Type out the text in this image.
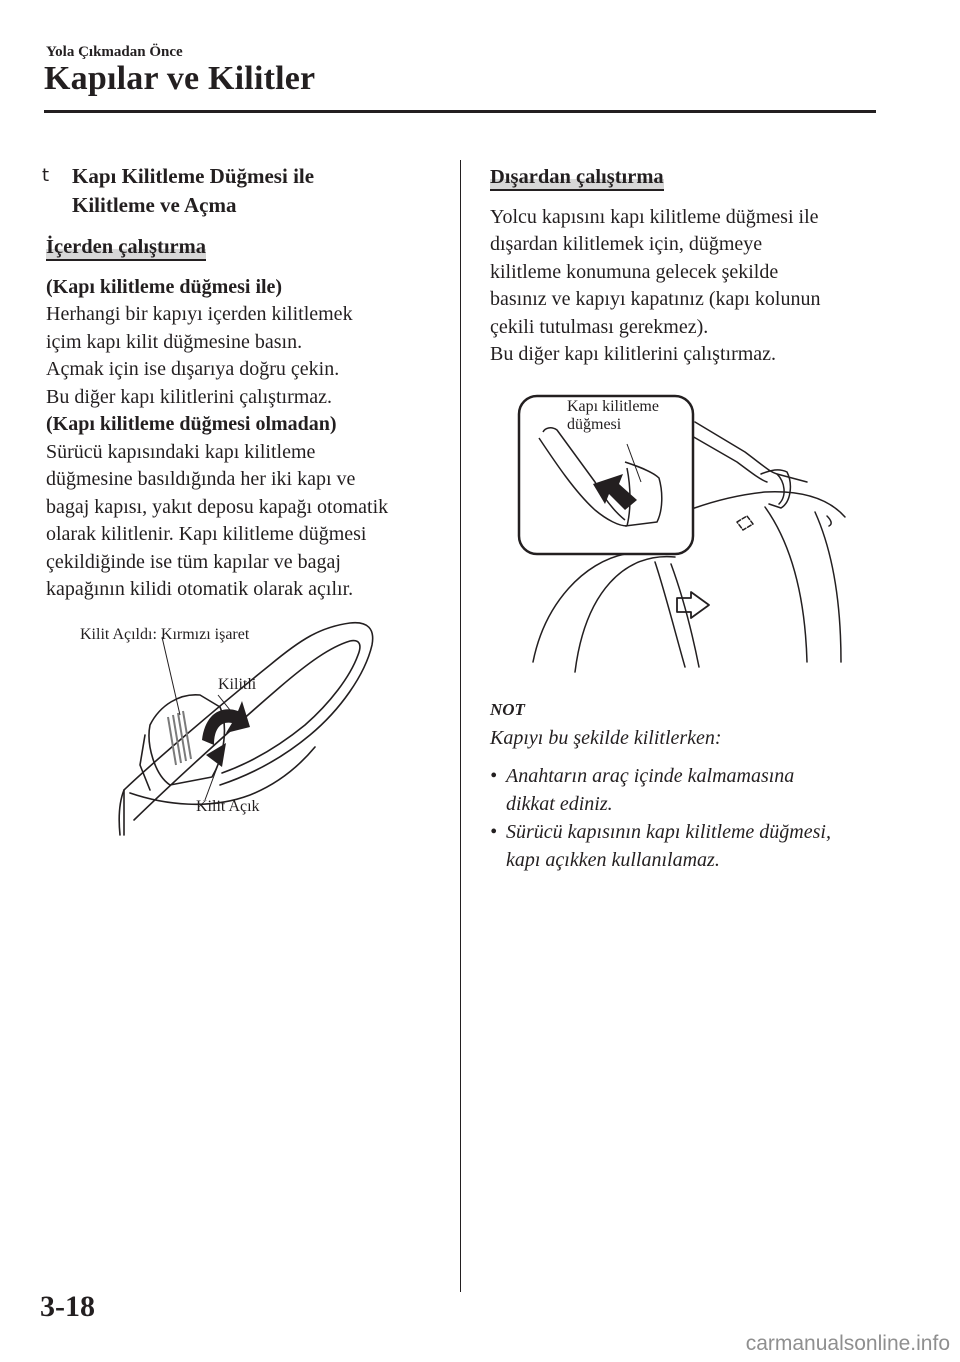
Yola Çıkmadan Önce
Kapılar ve Kilitler
t Kapı Kilitleme Düğmesi ile
Kilitleme ve Açma
İçerden çalıştırma
(Kapı kilitleme düğmesi ile)
Herhangi bir kapıyı içerden kilitlemek
içim kapı kilit düğmesine basın.
Açmak için ise dışarıya doğru çekin.
Bu diğer kapı kilitlerini çalıştırmaz.
(Kapı kilitleme düğmesi olmadan)
Sürücü kapısındaki kapı kilitleme
düğmesine basıldığında her iki kapı ve
bagaj kapısı, yakıt deposu kapağı otomatik
olarak kilitlenir. Kapı kilitleme düğmesi
çekildiğinde ise tüm kapılar ve bagaj
kapağının kilidi otomatik olarak açılır.
Kilit Açıldı: Kırmızı işaret
Kilitli
Kilit Açık
Dışardan çalıştırma
Yolcu kapısını kapı kilitleme düğmesi ile
dışardan kilitlemek için, düğmeye
kilitleme konumuna gelecek şekilde
basınız ve kapıyı kapatınız (kapı kolunun
çekili tutulması gerekmez).
Bu diğer kapı kilitlerini çalıştırmaz.
Kapı kilitleme
düğmesi
NOT
Kapıyı bu şekilde kilitlerken:
• Anahtarın araç içinde kalmamasına
dikkat ediniz.
• Sürücü kapısının kapı kilitleme düğmesi,
kapı açıkken kullanılamaz.
3-18
carmanualsonline.info
